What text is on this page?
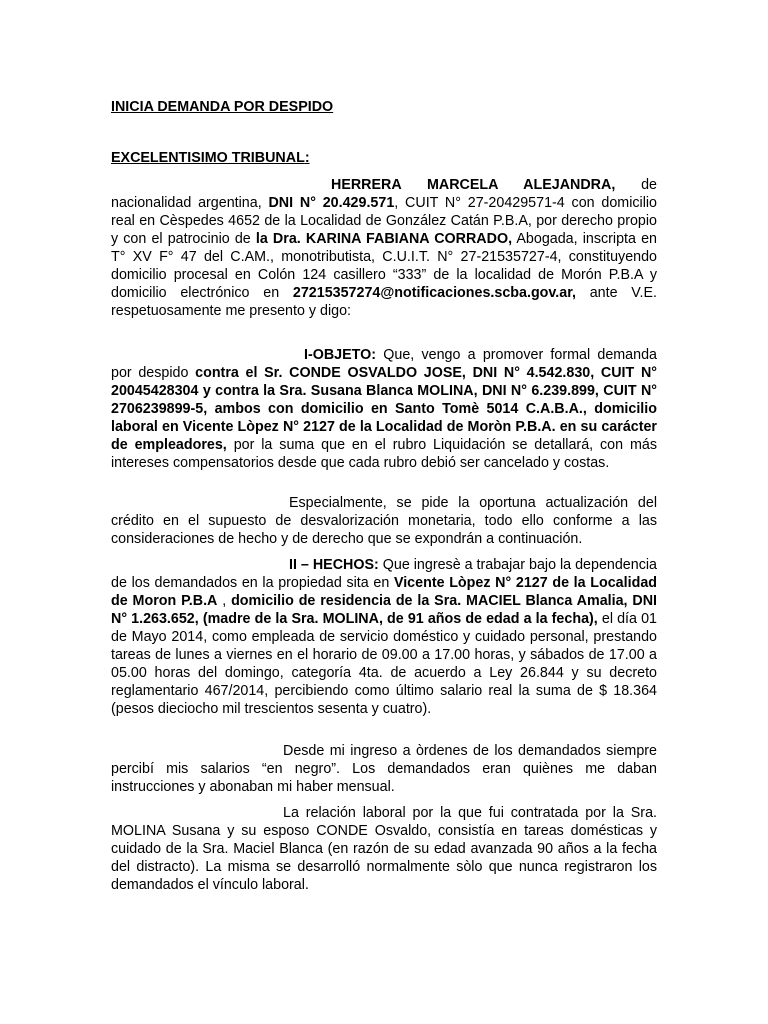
INICIA DEMANDA POR DESPIDO

EXCELENTISIMO TRIBUNAL:

HERRERA MARCELA ALEJANDRA, de nacionalidad argentina, DNI N° 20.429.571, CUIT N° 27-20429571-4 con domicilio real en Cèspedes 4652 de la Localidad de González Catán P.B.A, por derecho propio y con el patrocinio de la Dra. KARINA FABIANA CORRADO, Abogada, inscripta en T° XV F° 47 del C.AM., monotributista, C.U.I.T. N° 27-21535727-4, constituyendo domicilio procesal en Colón 124 casillero “333” de la localidad de Morón P.B.A y domicilio electrónico en 27215357274@notificaciones.scba.gov.ar, ante V.E. respetuosamente me presento y digo:

I-OBJETO: Que, vengo a promover formal demanda por despido contra el Sr. CONDE OSVALDO JOSE, DNI N° 4.542.830, CUIT N° 20045428304 y contra la Sra. Susana Blanca MOLINA, DNI N° 6.239.899, CUIT N° 2706239899-5, ambos con domicilio en Santo Tomè 5014 C.A.B.A., domicilio laboral en Vicente Lòpez N° 2127 de la Localidad de Moròn P.B.A. en su carácter de empleadores, por la suma que en el rubro Liquidación se detallará, con más intereses compensatorios desde que cada rubro debió ser cancelado y costas.

Especialmente, se pide la oportuna actualización del crédito en el supuesto de desvalorización monetaria, todo ello conforme a las consideraciones de hecho y de derecho que se expondrán a continuación.

II – HECHOS: Que ingresè a trabajar bajo la dependencia de los demandados en la propiedad sita en Vicente Lòpez N° 2127 de la Localidad de Moron P.B.A , domicilio de residencia de la Sra. MACIEL Blanca Amalia, DNI N° 1.263.652, (madre de la Sra. MOLINA, de 91 años de edad a la fecha), el día 01 de Mayo 2014, como empleada de servicio doméstico y cuidado personal, prestando tareas de lunes a viernes en el horario de 09.00 a 17.00 horas, y sábados de 17.00 a 05.00 horas del domingo, categoría 4ta. de acuerdo a Ley 26.844 y su decreto reglamentario 467/2014, percibiendo como último salario real la suma de $ 18.364 (pesos dieciocho mil trescientos sesenta y cuatro).

Desde mi ingreso a òrdenes de los demandados siempre percibí mis salarios “en negro”. Los demandados eran quiènes me daban instrucciones y abonaban mi haber mensual.

La relación laboral por la que fui contratada por la Sra. MOLINA Susana y su esposo CONDE Osvaldo, consistía en tareas domésticas y cuidado de la Sra. Maciel Blanca (en razón de su edad avanzada 90 años a la fecha del distracto). La misma se desarrolló normalmente sòlo que nunca registraron los demandados el vínculo laboral.
